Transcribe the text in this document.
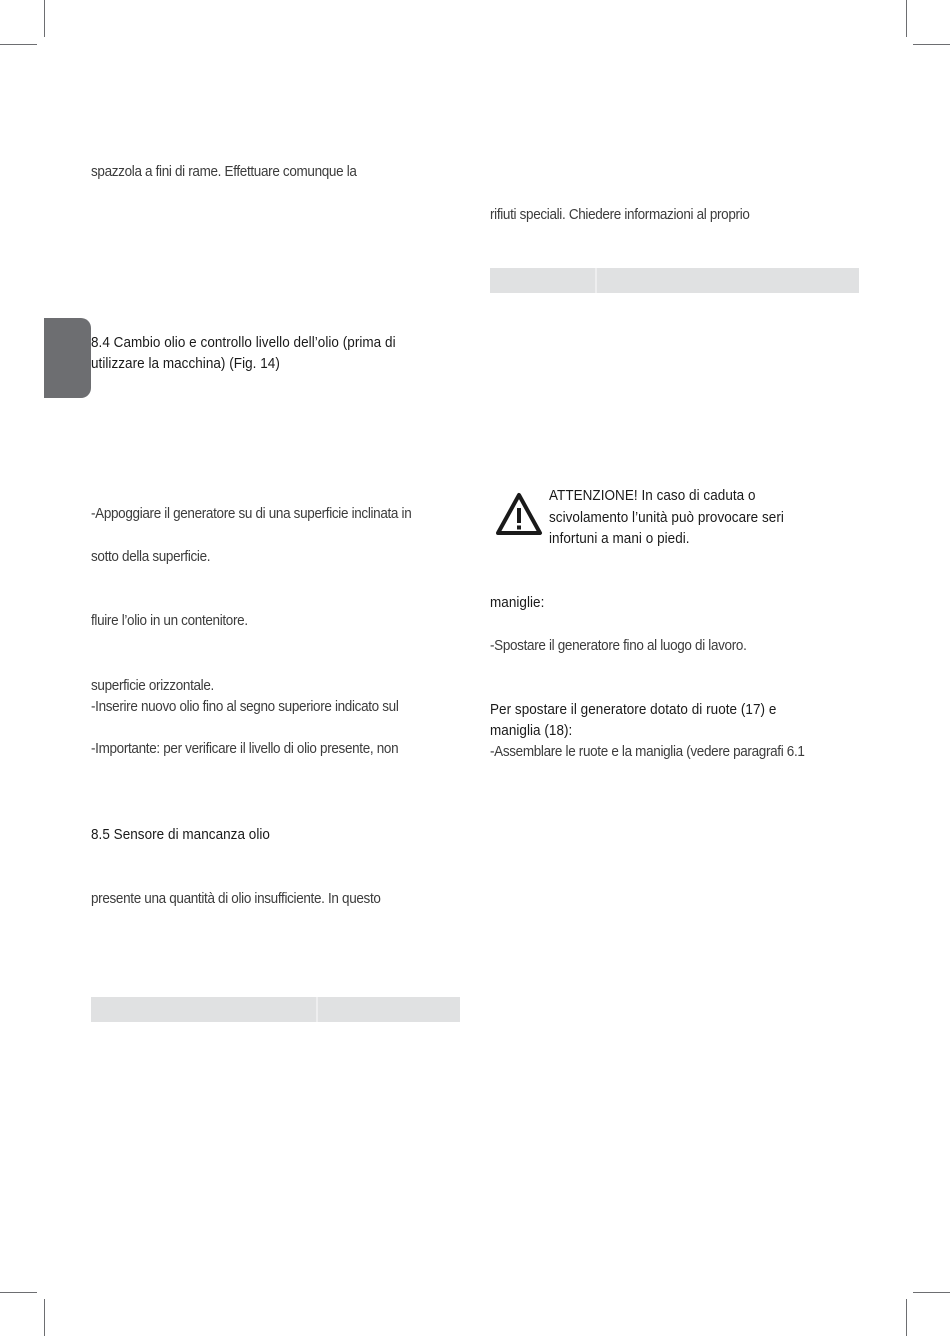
spazzola a fini di rame. Effettuare comunque la
8.4 Cambio olio e controllo livello dell’olio (prima di
utilizzare la macchina) (Fig. 14)
-Appoggiare il generatore su di una superficie inclinata in
sotto della superficie.
fluire l’olio in un contenitore.
superficie orizzontale.
-Inserire nuovo olio fino al segno superiore indicato sul
-Importante: per verificare il livello di olio presente, non
8.5 Sensore di mancanza olio
presente una quantità di olio insufficiente. In questo
rifiuti speciali. Chiedere informazioni al proprio
ATTENZIONE! In caso di caduta o
scivolamento l’unità può provocare seri
infortuni a mani o piedi.
maniglie:
-Spostare il generatore fino al luogo di lavoro.
Per spostare il generatore dotato di ruote (17) e
maniglia (18):
-Assemblare le ruote e la maniglia (vedere paragrafi 6.1
